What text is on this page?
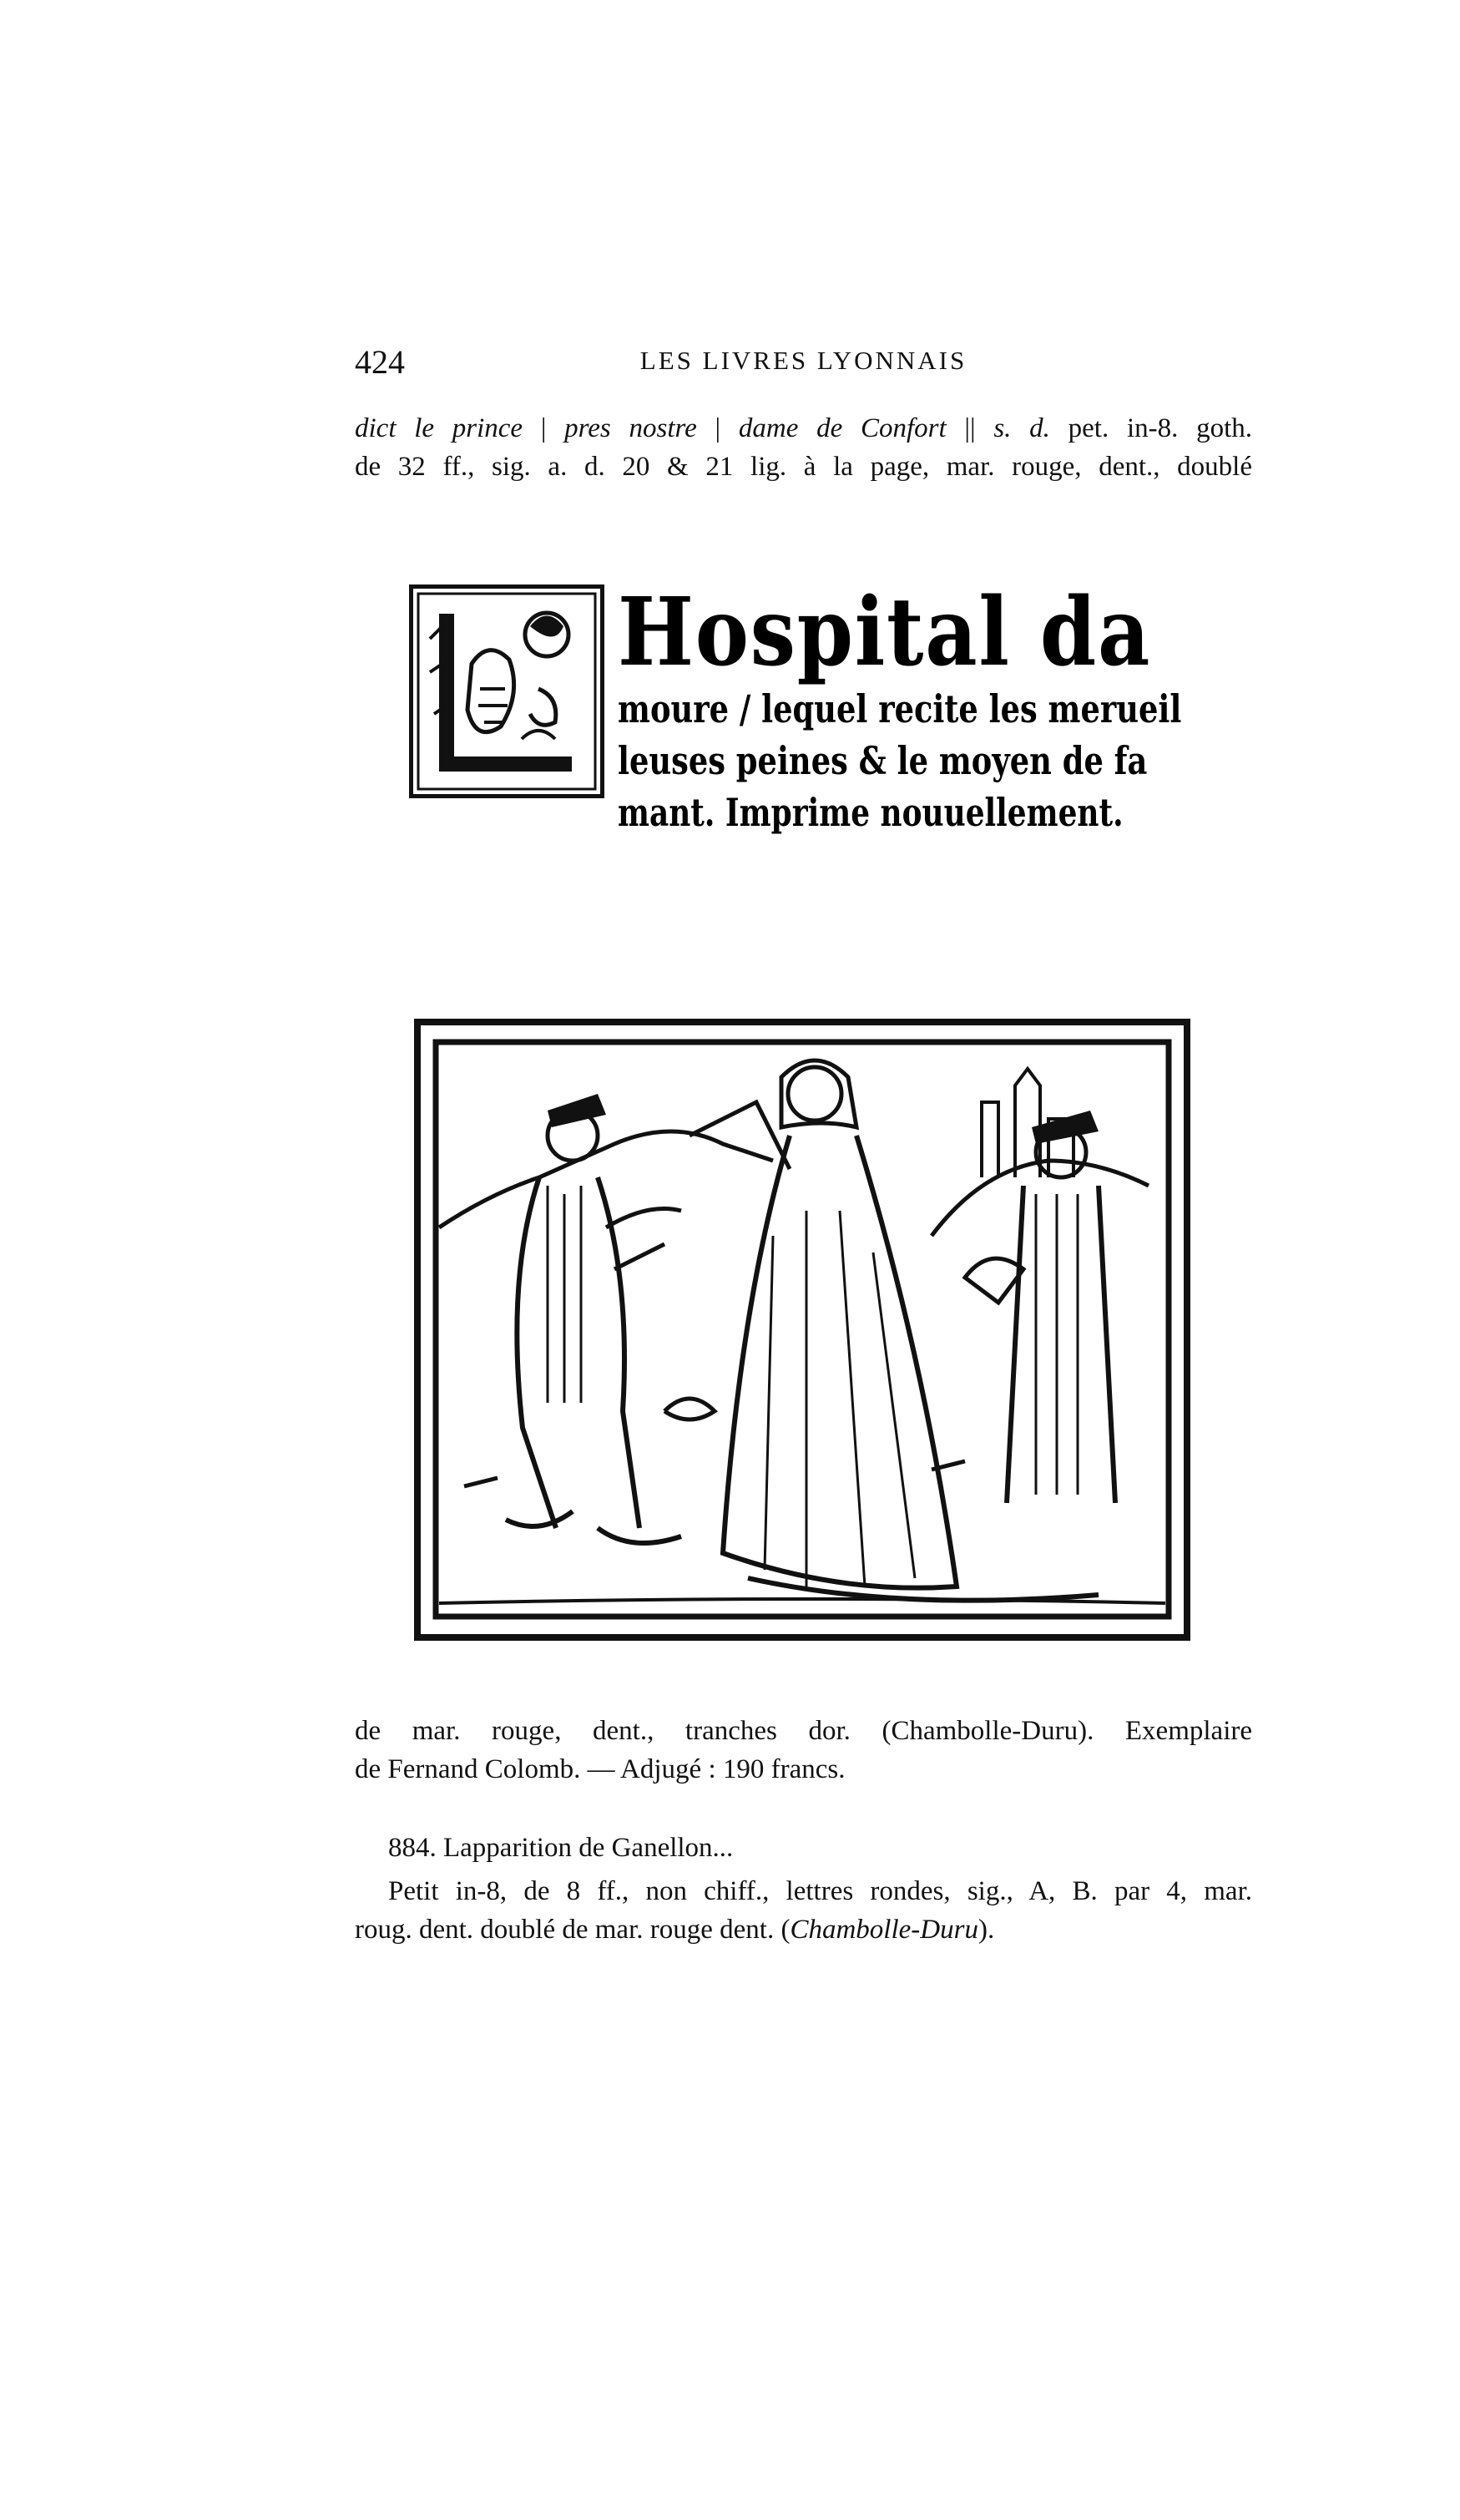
424	LES LIVRES LYONNAIS
dict le prince | pres nostre | dame de Confort || s. d. pet. in-8. goth.
de 32 ff., sig. a. d. 20 & 21 lig. à la page, mar. rouge, dent., doublé
Hospital da
moure / lequel recite les merueil
leuses peines & le moyen de fa
mant. Imprime nouuellement.
de mar. rouge, dent., tranches dor. (Chambolle-Duru). Exemplaire
de Fernand Colomb. — Adjugé : 190 francs.
884. Lapparition de Ganellon...
Petit in-8, de 8 ff., non chiff., lettres rondes, sig., A, B. par 4, mar.
roug. dent. doublé de mar. rouge dent. (Chambolle-Duru).
